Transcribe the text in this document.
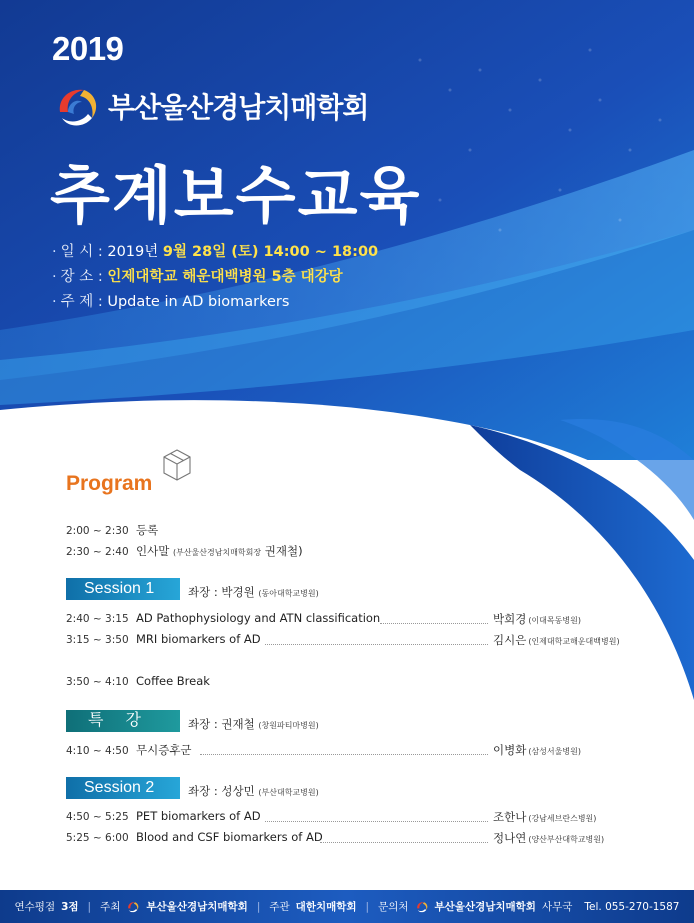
2019
부산울산경남치매학회
추계보수교육
· 일 시 : 2019년 9월 28일 (토) 14:00 ~ 18:00
· 장 소 : 인제대학교 해운대백병원 5층 대강당
· 주 제 : Update in AD biomarkers
Program
2:00 ~ 2:30 등록
2:30 ~ 2:40 인사말 (부산울산경남치매학회장 권재철)
Session 1	좌장 : 박경원 (동아대학교병원)
2:40 ~ 3:15 AD Pathophysiology and ATN classification	박희경 (이대목동병원)
3:15 ~ 3:50 MRI biomarkers of AD	김시은 (인제대학교해운대백병원)
3:50 ~ 4:10 Coffee Break
특강	좌장 : 권재철 (창원파티마병원)
4:10 ~ 4:50 무시증후군	이병화 (삼성서울병원)
Session 2	좌장 : 성상민 (부산대학교병원)
4:50 ~ 5:25 PET biomarkers of AD	조한나 (강남세브란스병원)
5:25 ~ 6:00 Blood and CSF biomarkers of AD	정나연 (양산부산대학교병원)
연수평점 3점 | 주최 부산울산경남치매학회 | 주관 대한치매학회 | 문의처 부산울산경남치매학회 사무국 Tel. 055-270-1587
